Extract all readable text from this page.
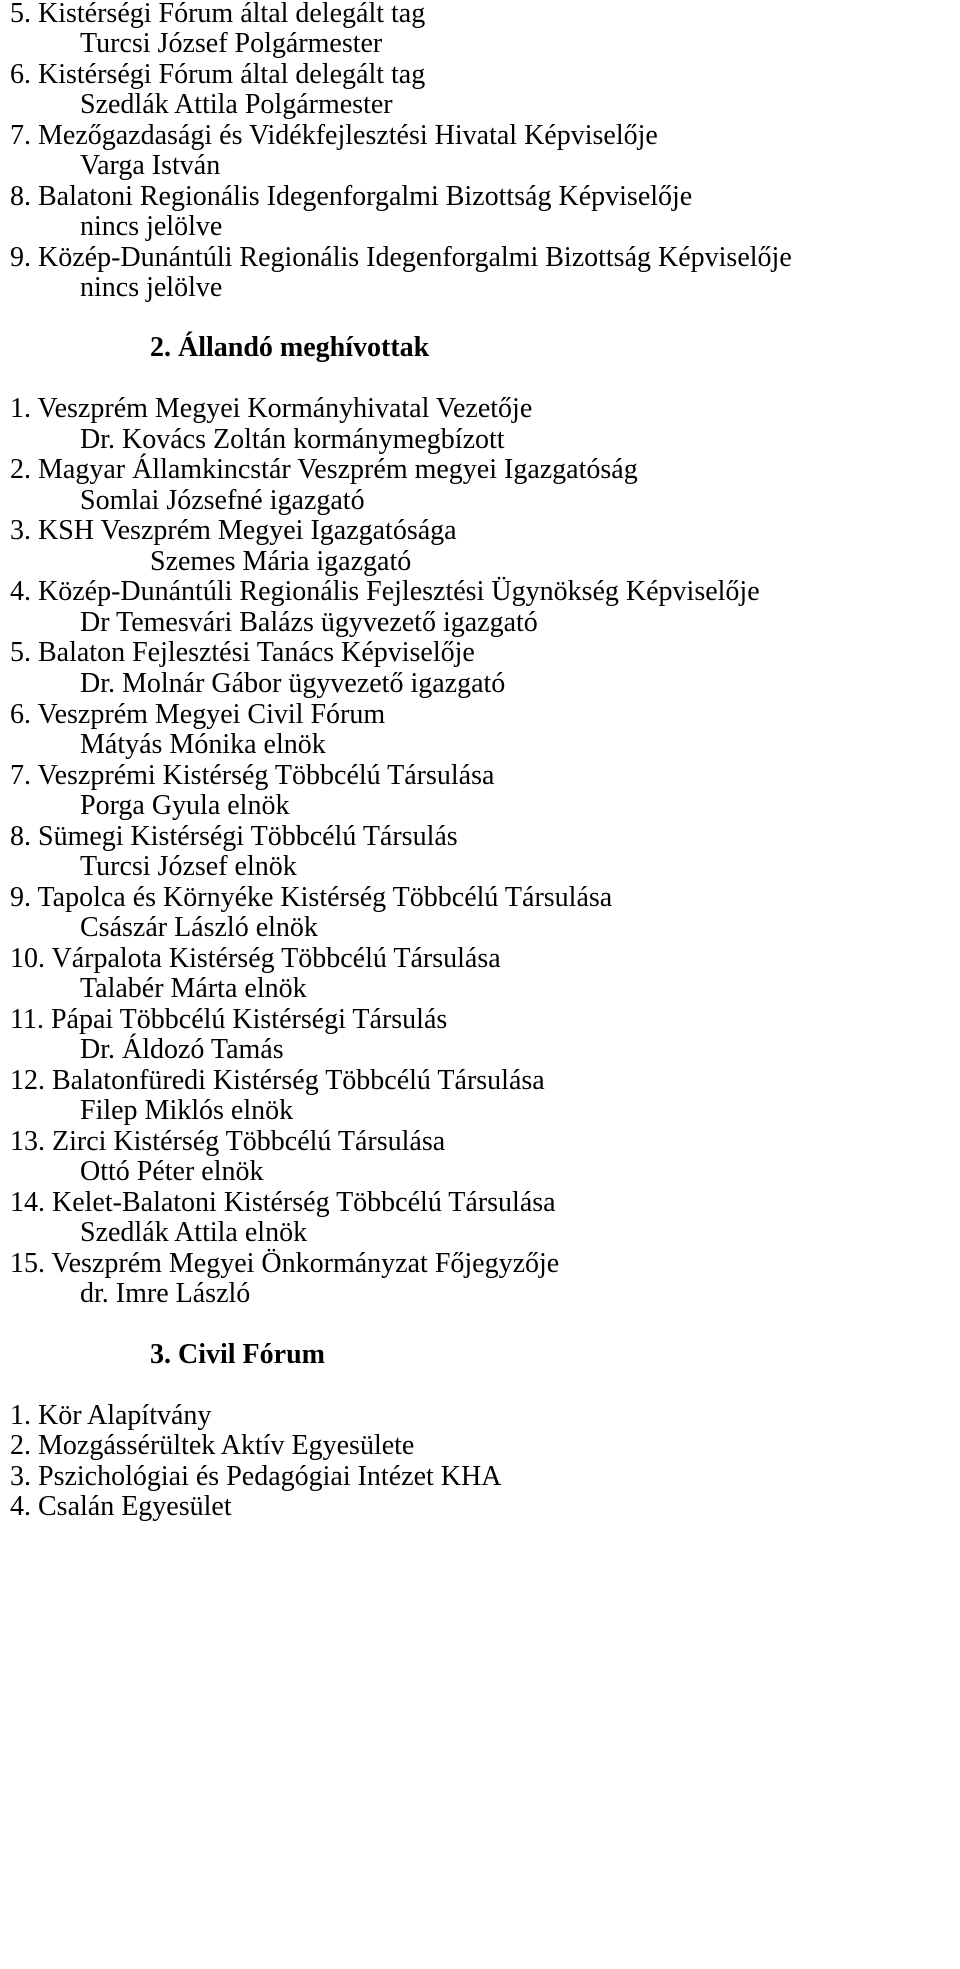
5. Kistérségi Fórum által delegált tag
Turcsi József Polgármester
6. Kistérségi Fórum által delegált tag
Szedlák Attila Polgármester
7. Mezőgazdasági és Vidékfejlesztési Hivatal Képviselője
Varga István
8. Balatoni Regionális Idegenforgalmi Bizottság Képviselője
nincs jelölve
9. Közép-Dunántúli Regionális Idegenforgalmi Bizottság Képviselője
nincs jelölve
2. Állandó meghívottak
1. Veszprém Megyei Kormányhivatal Vezetője
Dr. Kovács Zoltán kormánymegbízott
2. Magyar Államkincstár Veszprém megyei Igazgatóság
Somlai Józsefné igazgató
3. KSH Veszprém Megyei Igazgatósága
Szemes Mária igazgató
4. Közép-Dunántúli Regionális Fejlesztési Ügynökség Képviselője
Dr Temesvári Balázs ügyvezető igazgató
5. Balaton Fejlesztési Tanács Képviselője
Dr. Molnár Gábor ügyvezető igazgató
6. Veszprém Megyei Civil Fórum
Mátyás Mónika elnök
7. Veszprémi Kistérség Többcélú Társulása
Porga Gyula elnök
8. Sümegi Kistérségi Többcélú Társulás
Turcsi József elnök
9. Tapolca és Környéke Kistérség Többcélú Társulása
Császár László elnök
10. Várpalota Kistérség Többcélú Társulása
Talabér Márta elnök
11. Pápai Többcélú Kistérségi Társulás
Dr. Áldozó Tamás
12. Balatonfüredi Kistérség Többcélú Társulása
Filep Miklós elnök
13. Zirci Kistérség Többcélú Társulása
Ottó Péter elnök
14. Kelet-Balatoni Kistérség Többcélú Társulása
Szedlák Attila elnök
15. Veszprém Megyei Önkormányzat Főjegyzője
dr. Imre László
3. Civil Fórum
1. Kör Alapítvány
2. Mozgássérültek Aktív Egyesülete
3. Pszichológiai és Pedagógiai Intézet KHA
4. Csalán Egyesület
